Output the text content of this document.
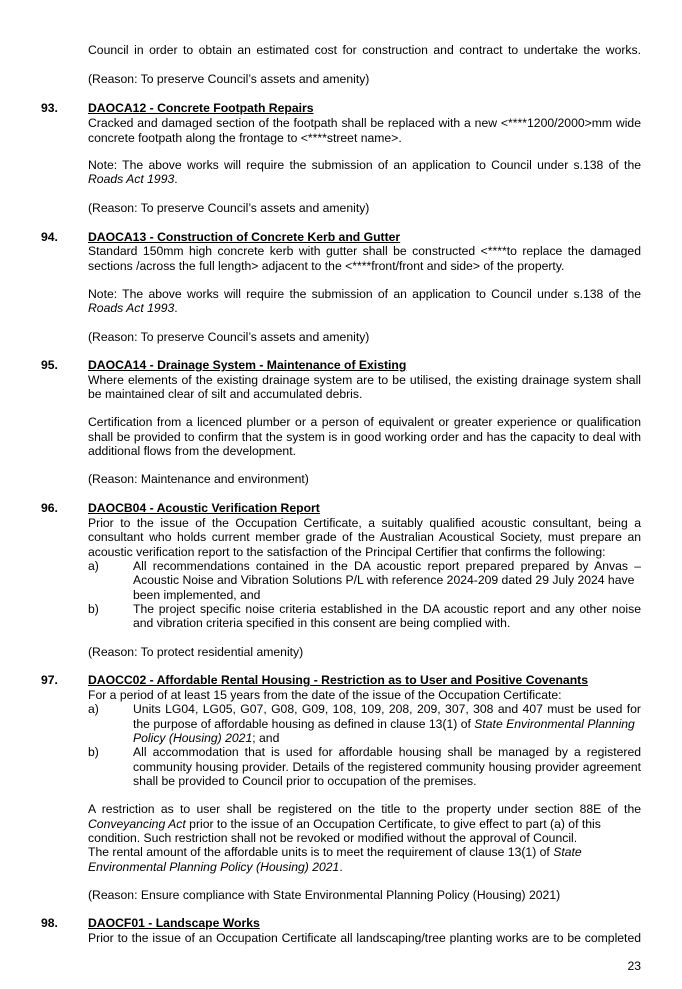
Council in order to obtain an estimated cost for construction and contract to undertake the works.
(Reason: To preserve Council’s assets and amenity)
93. DAOCA12 - Concrete Footpath Repairs
Cracked and damaged section of the footpath shall be replaced with a new <****1200/2000>mm wide
concrete footpath along the frontage to <****street name>.
Note: The above works will require the submission of an application to Council under s.138 of the
Roads Act 1993.
(Reason: To preserve Council’s assets and amenity)
94. DAOCA13 - Construction of Concrete Kerb and Gutter
Standard 150mm high concrete kerb with gutter shall be constructed <****to replace the damaged
sections /across the full length> adjacent to the <****front/front and side> of the property.
Note: The above works will require the submission of an application to Council under s.138 of the
Roads Act 1993.
(Reason: To preserve Council’s assets and amenity)
95. DAOCA14 - Drainage System - Maintenance of Existing
Where elements of the existing drainage system are to be utilised, the existing drainage system shall
be maintained clear of silt and accumulated debris.
Certification from a licenced plumber or a person of equivalent or greater experience or qualification
shall be provided to confirm that the system is in good working order and has the capacity to deal with
additional flows from the development.
(Reason: Maintenance and environment)
96. DAOCB04 - Acoustic Verification Report
Prior to the issue of the Occupation Certificate, a suitably qualified acoustic consultant, being a
consultant who holds current member grade of the Australian Acoustical Society, must prepare an
acoustic verification report to the satisfaction of the Principal Certifier that confirms the following:
a)	All recommendations contained in the DA acoustic report prepared prepared by Anvas –
Acoustic Noise and Vibration Solutions P/L with reference 2024-209 dated 29 July 2024 have
been implemented, and
b)	The project specific noise criteria established in the DA acoustic report and any other noise
and vibration criteria specified in this consent are being complied with.
(Reason: To protect residential amenity)
97. DAOCC02 - Affordable Rental Housing - Restriction as to User and Positive Covenants
For a period of at least 15 years from the date of the issue of the Occupation Certificate:
a)	Units LG04, LG05, G07, G08, G09, 108, 109, 208, 209, 307, 308 and 407 must be used for
the purpose of affordable housing as defined in clause 13(1) of State Environmental Planning
Policy (Housing) 2021; and
b)	All accommodation that is used for affordable housing shall be managed by a registered
community housing provider. Details of the registered community housing provider agreement
shall be provided to Council prior to occupation of the premises.
A restriction as to user shall be registered on the title to the property under section 88E of the
Conveyancing Act prior to the issue of an Occupation Certificate, to give effect to part (a) of this
condition. Such restriction shall not be revoked or modified without the approval of Council.
The rental amount of the affordable units is to meet the requirement of clause 13(1) of State
Environmental Planning Policy (Housing) 2021.
(Reason: Ensure compliance with State Environmental Planning Policy (Housing) 2021)
98. DAOCF01 - Landscape Works
Prior to the issue of an Occupation Certificate all landscaping/tree planting works are to be completed
23
